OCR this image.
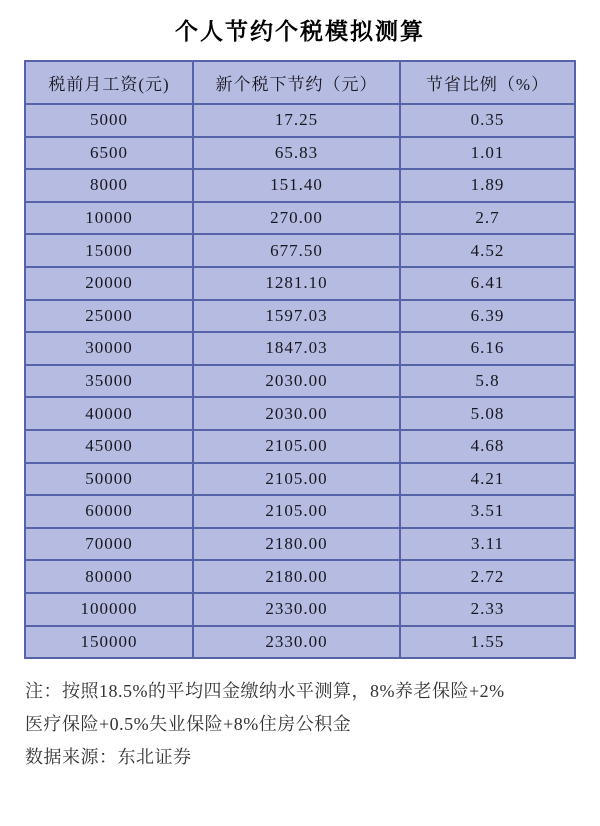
个人节约个税模拟测算
税前月工资(元)	新个税下节约（元）	节省比例（%）
5000	17.25	0.35
6500	65.83	1.01
8000	151.40	1.89
10000	270.00	2.7
15000	677.50	4.52
20000	1281.10	6.41
25000	1597.03	6.39
30000	1847.03	6.16
35000	2030.00	5.8
40000	2030.00	5.08
45000	2105.00	4.68
50000	2105.00	4.21
60000	2105.00	3.51
70000	2180.00	3.11
80000	2180.00	2.72
100000	2330.00	2.33
150000	2330.00	1.55
注：按照18.5%的平均四金缴纳水平测算，8%养老保险+2%
医疗保险+0.5%失业保险+8%住房公积金
数据来源：东北证券
